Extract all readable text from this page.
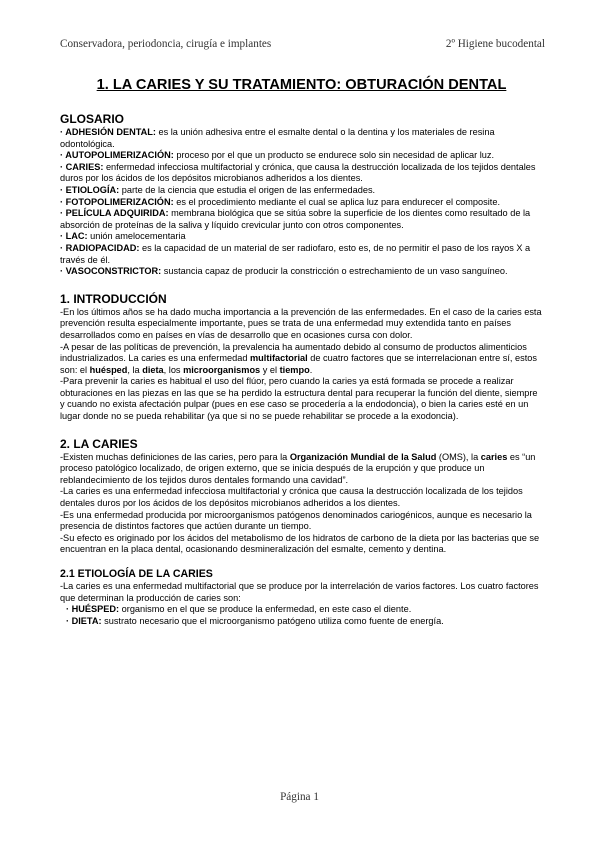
Conservadora, periodoncia, cirugía e implantes	2º Higiene bucodental
1. LA CARIES Y SU TRATAMIENTO: OBTURACIÓN DENTAL
GLOSARIO

· ADHESIÓN DENTAL: es la unión adhesiva entre el esmalte dental o la dentina y los materiales de resina odontológica.

· AUTOPOLIMERIZACIÓN: proceso por el que un producto se endurece solo sin necesidad de aplicar luz.

· CARIES: enfermedad infecciosa multifactorial y crónica, que causa la destrucción localizada de los tejidos dentales duros por los ácidos de los depósitos microbianos adheridos a los dientes.

· ETIOLOGÍA: parte de la ciencia que estudia el origen de las enfermedades.

· FOTOPOLIMERIZACIÓN: es el procedimiento mediante el cual se aplica luz para endurecer el composite.

· PELÍCULA ADQUIRIDA: membrana biológica que se sitúa sobre la superficie de los dientes como resultado de la absorción de proteínas de la saliva y líquido crevicular junto con otros componentes.

· LAC: unión amelocementaria

· RADIOPACIDAD: es la capacidad de un material de ser radiofaro, esto es, de no permitir el paso de los rayos X a través de él.

· VASOCONSTRICTOR: sustancia capaz de producir la constricción o estrechamiento de un vaso sanguíneo.

1. INTRODUCCIÓN

-En los últimos años se ha dado mucha importancia a la prevención de las enfermedades. En el caso de la caries esta prevención resulta especialmente importante, pues se trata de una enfermedad muy extendida tanto en países desarrollados como en países en vías de desarrollo que en ocasiones cursa con dolor.

-A pesar de las políticas de prevención, la prevalencia ha aumentado debido al consumo de productos alimenticios industrializados. La caries es una enfermedad multifactorial de cuatro factores que se interrelacionan entre sí, estos son: el huésped, la dieta, los microorganismos y el tiempo.

-Para prevenir la caries es habitual el uso del flúor, pero cuando la caries ya está formada se procede a realizar obturaciones en las piezas en las que se ha perdido la estructura dental para recuperar la función del diente, siempre y cuando no exista afectación pulpar (pues en ese caso se procedería a la endodoncia), o bien la caries esté en un lugar donde no se pueda rehabilitar (ya que si no se puede rehabilitar se procede a la exodoncia).

2. LA CARIES

-Existen muchas definiciones de las caries, pero para la Organización Mundial de la Salud (OMS), la caries es “un proceso patológico localizado, de origen externo, que se inicia después de la erupción y que produce un reblandecimiento de los tejidos duros dentales formando una cavidad”.

-La caries es una enfermedad infecciosa multifactorial y crónica que causa la destrucción localizada de los tejidos dentales duros por los ácidos de los depósitos microbianos adheridos a los dientes.

-Es una enfermedad producida por microorganismos patógenos denominados cariogénicos, aunque es necesario la presencia de distintos factores que actúen durante un tiempo.

-Su efecto es originado por los ácidos del metabolismo de los hidratos de carbono de la dieta por las bacterias que se encuentran en la placa dental, ocasionando desmineralización del esmalte, cemento y dentina.

2.1 ETIOLOGÍA DE LA CARIES

-La caries es una enfermedad multifactorial que se produce por la interrelación de varios factores. Los cuatro factores que determinan la producción de caries son:

· HUÉSPED: organismo en el que se produce la enfermedad, en este caso el diente.

· DIETA: sustrato necesario que el microorganismo patógeno utiliza como fuente de energía.

Página 1
